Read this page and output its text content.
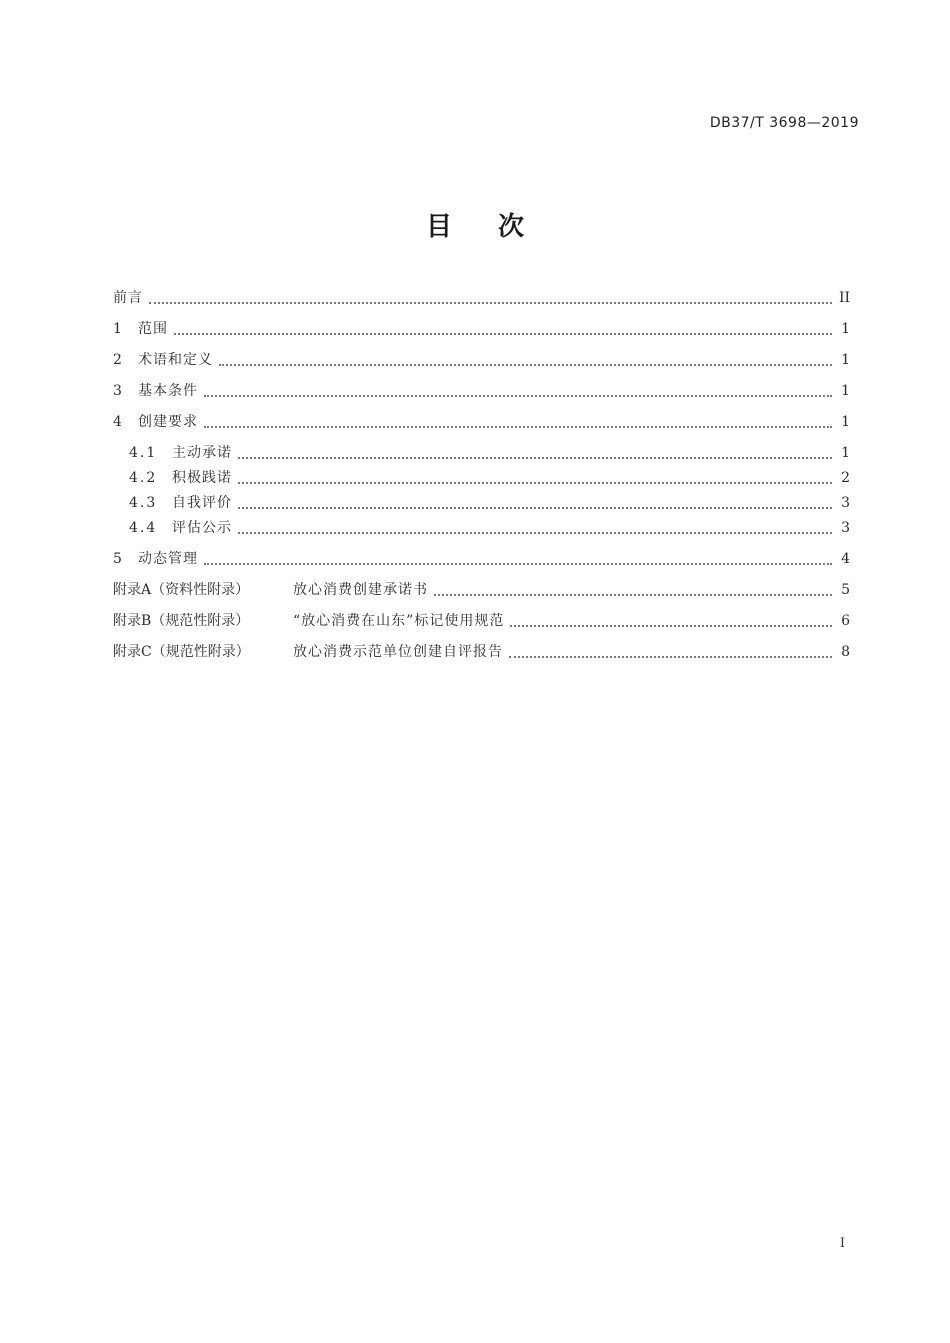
DB37/T 3698—2019
目次
前言	II
1	范围	1
2	术语和定义	1
3	基本条件	1
4	创建要求	1
4.1	主动承诺	1
4.2	积极践诺	2
4.3	自我评价	3
4.4	评估公示	3
5	动态管理	4
附录A（资料性附录）	放心消费创建承诺书	5
附录B（规范性附录）	“放心消费在山东”标记使用规范	6
附录C（规范性附录）	放心消费示范单位创建自评报告	8
I
